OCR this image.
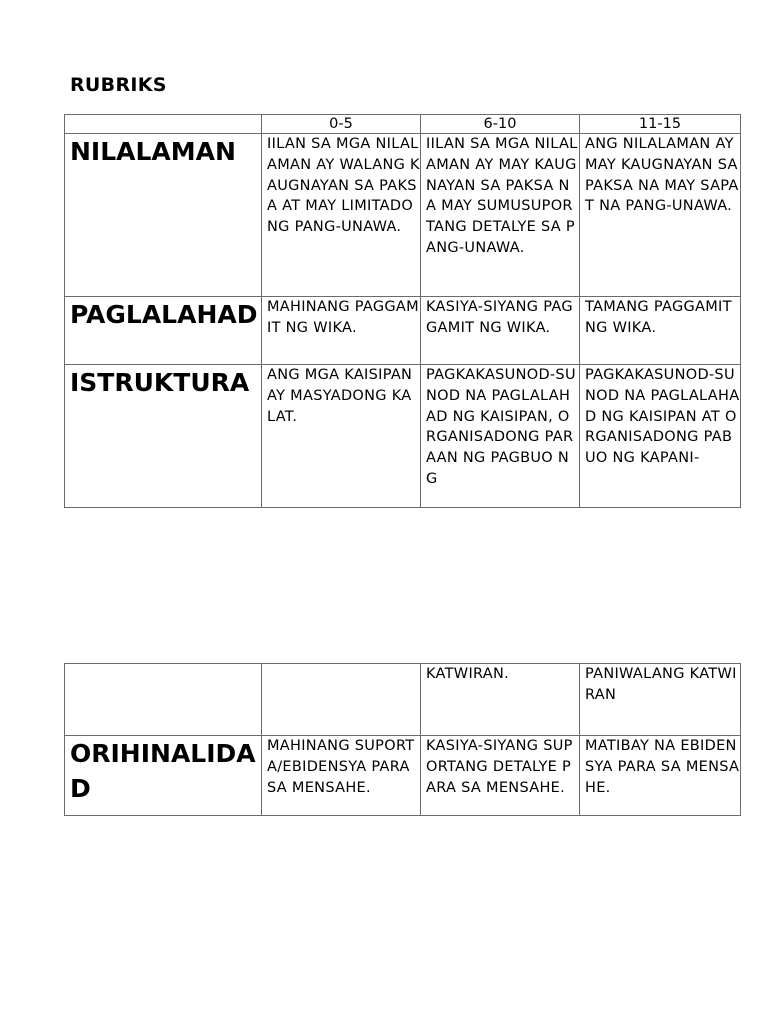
RUBRIKS
	0-5	6-10	11-15
NILALAMAN	IILAN SA MGA NILALAMAN AY WALANG KAUGNAYAN SA PAKSA AT MAY LIMITADONG PANG-UNAWA.	IILAN SA MGA NILALAMAN AY MAY KAUGNAYAN SA PAKSA NA MAY SUMUSUPORTANG DETALYE SA PANG-UNAWA.	ANG NILALAMAN AY MAY KAUGNAYAN SA PAKSA NA MAY SAPAT NA PANG-UNAWA.
PAGLALAHAD	MAHINANG PAGGAMIT NG WIKA.	KASIYA-SIYANG PAGGAMIT NG WIKA.	TAMANG PAGGAMIT NG WIKA.
ISTRUKTURA	ANG MGA KAISIPAN AY MASYADONG KALAT.	PAGKAKASUNOD-SUNOD NA PAGLALAHAD NG KAISIPAN, ORGANISADONG PARAAN NG PAGBUO NG	PAGKAKASUNOD-SUNOD NA PAGLALAHAD NG KAISIPAN AT ORGANISADONG PABUO NG KAPANI-
		KATWIRAN.	PANIWALANG KATWIRAN
ORIHINALIDAD	MAHINANG SUPORTA/EBIDENSYA PARA SA MENSAHE.	KASIYA-SIYANG SUPORTANG DETALYE PARA SA MENSAHE.	MATIBAY NA EBIDENSYA PARA SA MENSAHE.
